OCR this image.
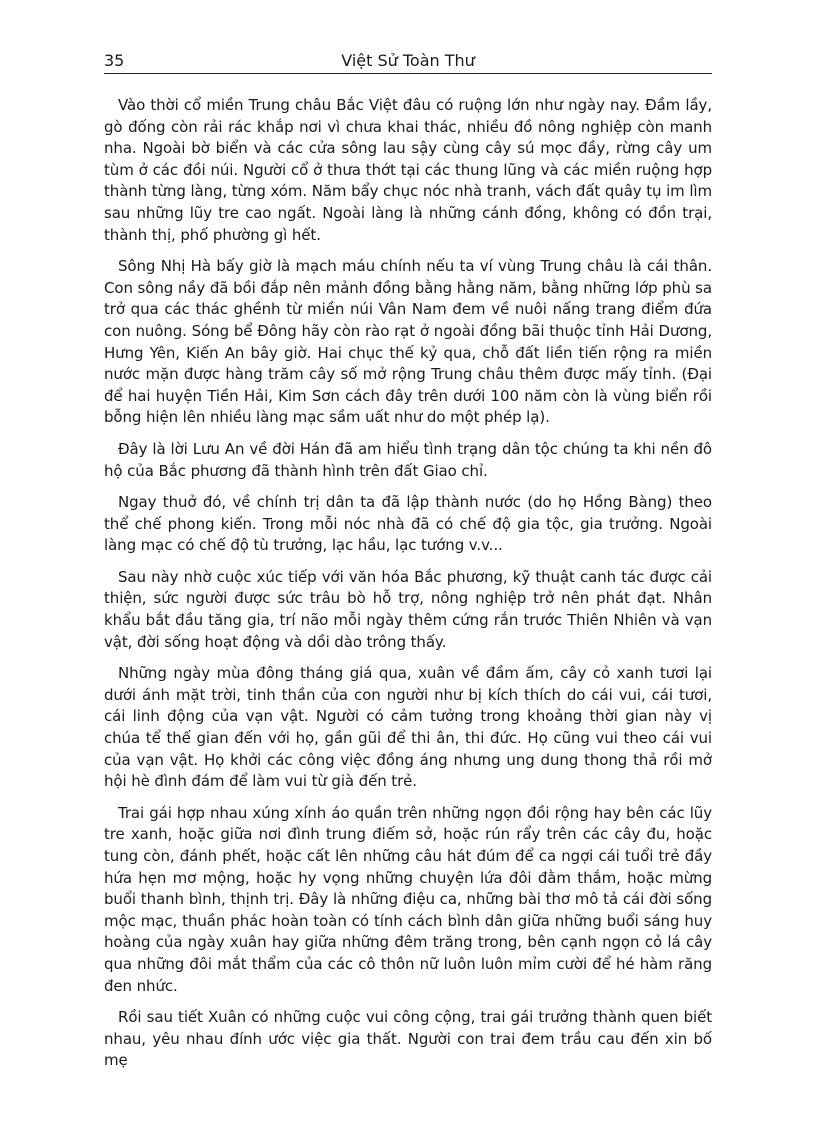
35	Việt Sử Toàn Thư

Vào thời cổ miền Trung châu Bắc Việt đâu có ruộng lớn như ngày nay. Đầm lầy, gò đống còn rải rác khắp nơi vì chưa khai thác, nhiều đồ nông nghiệp còn manh nha. Ngoài bờ biển và các cửa sông lau sậy cùng cây sú mọc đầy, rừng cây um tùm ở các đồi núi. Người cổ ở thưa thớt tại các thung lũng và các miền ruộng hợp thành từng làng, từng xóm. Năm bẩy chục nóc nhà tranh, vách đất quây tụ im lìm sau những lũy tre cao ngất. Ngoài làng là những cánh đồng, không có đồn trại, thành thị, phố phường gì hết.

Sông Nhị Hà bấy giờ là mạch máu chính nếu ta ví vùng Trung châu là cái thân. Con sông nầy đã bồi đắp nên mảnh đồng bằng hằng năm, bằng những lớp phù sa trở qua các thác ghềnh từ miền núi Vân Nam đem về nuôi nấng trang điểm đứa con nuông. Sóng bể Đông hãy còn rào rạt ở ngoài đồng bãi thuộc tỉnh Hải Dương, Hưng Yên, Kiến An bây giờ. Hai chục thế kỷ qua, chỗ đất liền tiến rộng ra miền nước mặn được hàng trăm cây số mở rộng Trung châu thêm được mấy tỉnh. (Đại để hai huyện Tiền Hải, Kim Sơn cách đây trên dưới 100 năm còn là vùng biển rồi bỗng hiện lên nhiều làng mạc sầm uất như do một phép lạ).

Đây là lời Lưu An về đời Hán đã am hiểu tình trạng dân tộc chúng ta khi nền đô hộ của Bắc phương đã thành hình trên đất Giao chỉ.

Ngay thuở đó, về chính trị dân ta đã lập thành nước (do họ Hồng Bàng) theo thể chế phong kiến. Trong mỗi nóc nhà đã có chế độ gia tộc, gia trưởng. Ngoài làng mạc có chế độ tù trưởng, lạc hầu, lạc tướng v.v...

Sau này nhờ cuộc xúc tiếp với văn hóa Bắc phương, kỹ thuật canh tác được cải thiện, sức người được sức trâu bò hỗ trợ, nông nghiệp trở nên phát đạt. Nhân khẩu bắt đầu tăng gia, trí não mỗi ngày thêm cứng rắn trước Thiên Nhiên và vạn vật, đời sống hoạt động và dồi dào trông thấy.

Những ngày mùa đông tháng giá qua, xuân về đầm ấm, cây cỏ xanh tươi lại dưới ánh mặt trời, tinh thần của con người như bị kích thích do cái vui, cái tươi, cái linh động của vạn vật. Người có cảm tưởng trong khoảng thời gian này vị chúa tể thế gian đến với họ, gần gũi để thi ân, thi đức. Họ cũng vui theo cái vui của vạn vật. Họ khởi các công việc đồng áng nhưng ung dung thong thả rồi mở hội hè đình đám để làm vui từ già đến trẻ.

Trai gái hợp nhau xúng xính áo quần trên những ngọn đồi rộng hay bên các lũy tre xanh, hoặc giữa nơi đình trung điếm sở, hoặc rún rẩy trên các cây đu, hoặc tung còn, đánh phết, hoặc cất lên những câu hát đúm để ca ngợi cái tuổi trẻ đầy hứa hẹn mơ mộng, hoặc hy vọng những chuyện lứa đôi đằm thắm, hoặc mừng buổi thanh bình, thịnh trị. Đây là những điệu ca, những bài thơ mô tả cái đời sống mộc mạc, thuần phác hoàn toàn có tính cách bình dân giữa những buổi sáng huy hoàng của ngày xuân hay giữa những đêm trăng trong, bên cạnh ngọn cỏ lá cây qua những đôi mắt thẩm của các cô thôn nữ luôn luôn mỉm cười để hé hàm răng đen nhức.

Rồi sau tiết Xuân có những cuộc vui công cộng, trai gái trưởng thành quen biết nhau, yêu nhau đính ước việc gia thất. Người con trai đem trầu cau đến xin bố mẹ
